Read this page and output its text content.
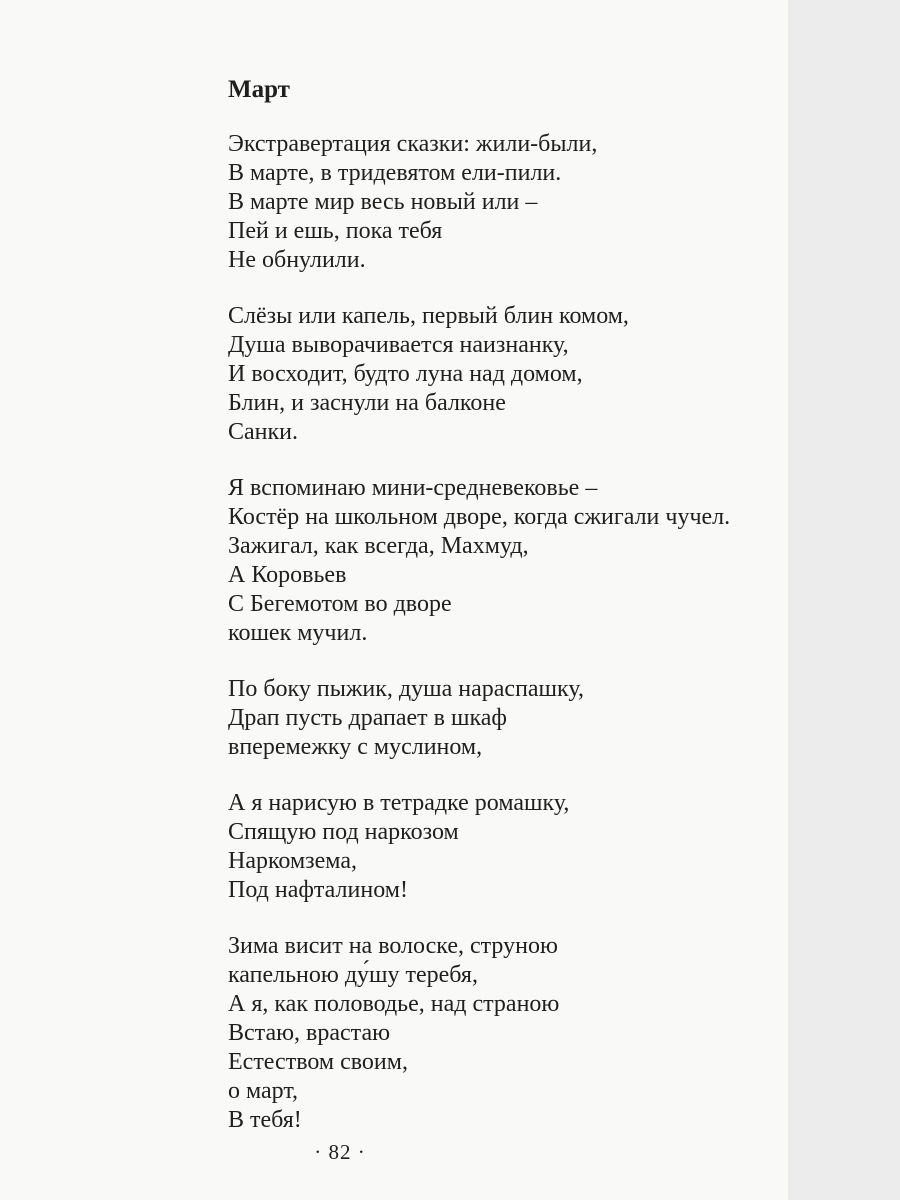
Март
Экстравертация сказки: жили-были,
В марте, в тридевятом ели-пили.
В марте мир весь новый или –
Пей и ешь, пока тебя
Не обнулили.
Слёзы или капель, первый блин комом,
Душа выворачивается наизнанку,
И восходит, будто луна над домом,
Блин, и заснули на балконе
Санки.
Я вспоминаю мини-средневековье –
Костёр на школьном дворе, когда сжигали чучел.
Зажигал, как всегда, Махмуд,
А Коровьев
С Бегемотом во дворе
кошек мучил.
По боку пыжик, душа нараспашку,
Драп пусть драпает в шкаф
вперемежку с муслином,
А я нарисую в тетрадке ромашку,
Спящую под наркозом
Наркомзема,
Под нафталином!
Зима висит на волоске, струною
капельною ду́шу теребя,
А я, как половодье, над страною
Встаю, врастаю
Естеством своим,
о март,
В тебя!
· 82 ·
